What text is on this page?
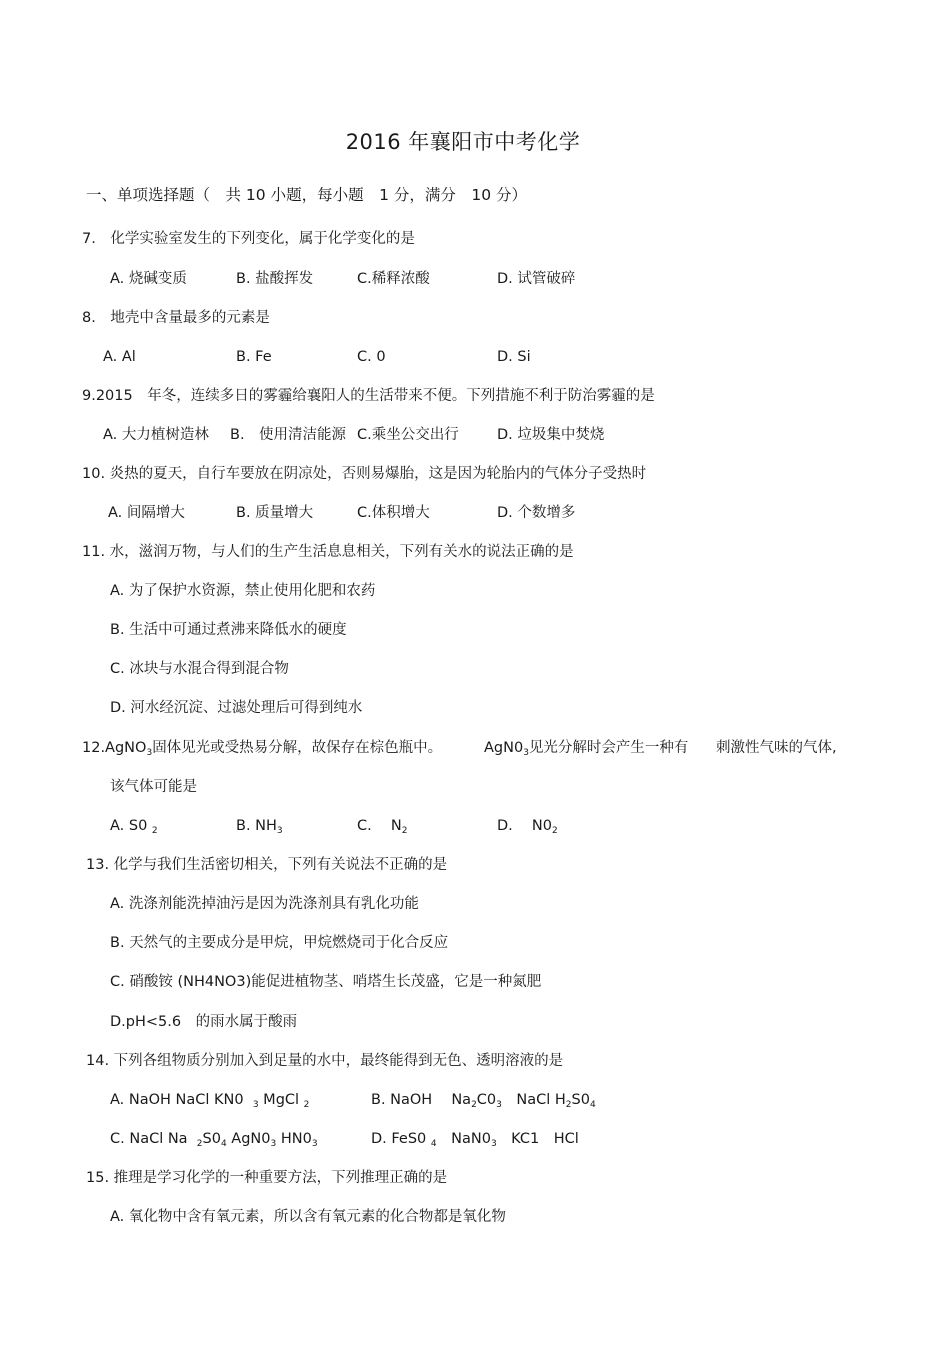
2016 年襄阳市中考化学
一、单项选择题（　共 10 小题，每小题　1 分，满分　10 分）
7.　化学实验室发生的下列变化，属于化学变化的是
A. 烧碱变质	B. 盐酸挥发	C.稀释浓酸	D. 试管破碎
8.　地壳中含量最多的元素是
A. Al	B. Fe	C. 0	D. Si
9.2015　年冬，连续多日的雾霾给襄阳人的生活带来不便。下列措施不利于防治雾霾的是
A. 大力植树造林 B.　使用清洁能源 C.乘坐公交出行	D. 垃圾集中焚烧
10. 炎热的夏天，自行车要放在阴凉处，否则易爆胎，这是因为轮胎内的气体分子受热时
A. 间隔增大	B. 质量增大	C.体积增大	D. 个数增多
11. 水，滋润万物，与人们的生产生活息息相关，下列有关水的说法正确的是
A. 为了保护水资源，禁止使用化肥和农药
B. 生活中可通过煮沸来降低水的硬度
C. 冰块与水混合得到混合物
D. 河水经沉淀、过滤处理后可得到纯水
12.AgNO$_3$固体见光或受热易分解，故保存在棕色瓶中。	$AgN0_3$见光分解时会产生一种有 刺激性气味的气体,
该气体可能是
A. S0 $_2$	B. $NH_3$	C.　 $N_2$	D.　 $N0_2$
13. 化学与我们生活密切相关，下列有关说法不正确的是
A. 洗涤剂能洗掉油污是因为洗涤剂具有乳化功能
B. 天然气的主要成分是甲烷，甲烷燃烧司于化合反应
C. 硝酸铵 (NH4NO3)能促进植物茎、哨塔生长茂盛，它是一种氮肥
D.pH<5.6　的雨水属于酸雨
14. 下列各组物质分别加入到足量的水中，最终能得到无色、透明溶液的是
A. NaOH NaCl KN0 $_3$ MgCl $_2$	B. NaOH　 $Na_2C0_3$　NaCl $H_2S0_4$
C. NaCl Na $_2S0_4$ $AgN0_3$ $HN0_3$	D. FeS0 $_4$　$NaN0_3$　KC1　HCl
15. 推理是学习化学的一种重要方法，下列推理正确的是
A. 氧化物中含有氧元素，所以含有氧元素的化合物都是氧化物
